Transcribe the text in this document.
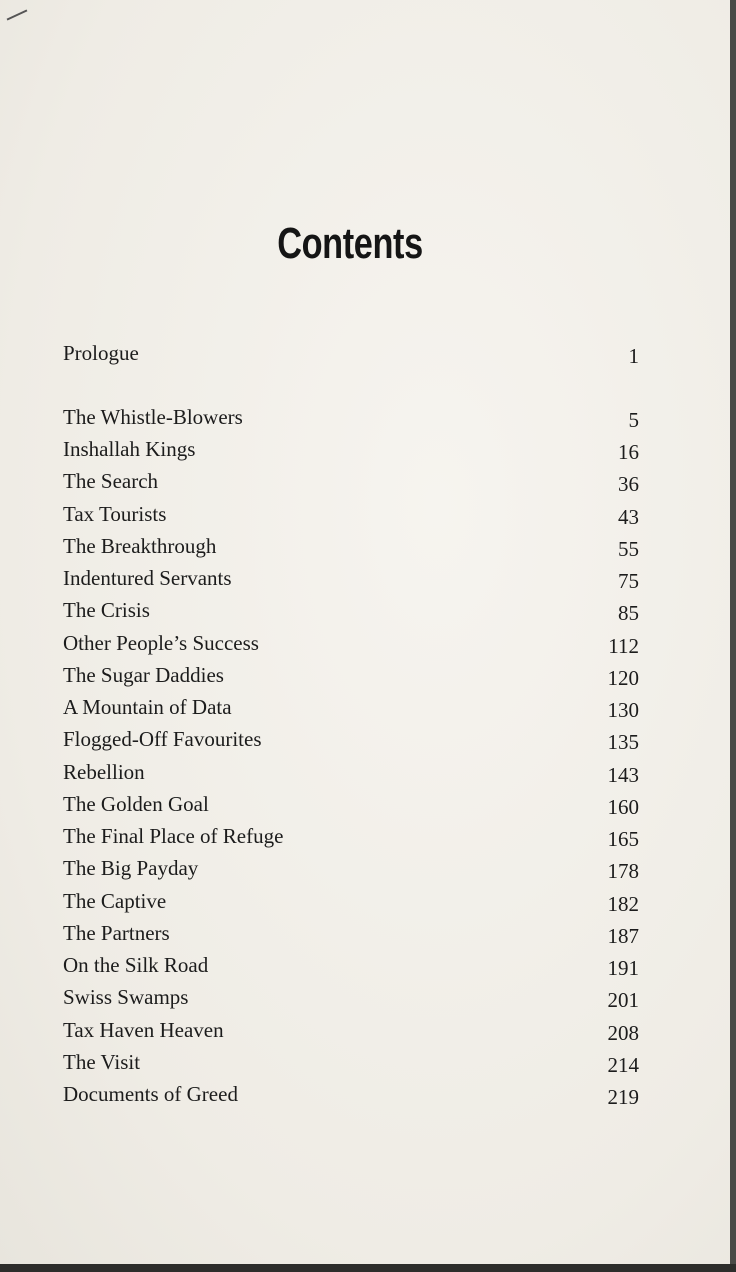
Contents
Prologue	1
The Whistle-Blowers	5
Inshallah Kings	16
The Search	36
Tax Tourists	43
The Breakthrough	55
Indentured Servants	75
The Crisis	85
Other People’s Success	112
The Sugar Daddies	120
A Mountain of Data	130
Flogged-Off Favourites	135
Rebellion	143
The Golden Goal	160
The Final Place of Refuge	165
The Big Payday	178
The Captive	182
The Partners	187
On the Silk Road	191
Swiss Swamps	201
Tax Haven Heaven	208
The Visit	214
Documents of Greed	219
